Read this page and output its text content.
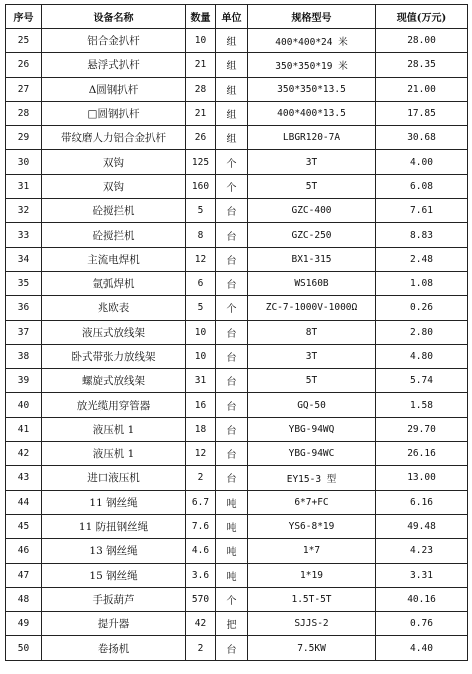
序号	设备名称	数量	单位	规格型号	现值(万元)
25	铝合金扒杆	10	组	400*400*24 米	28.00
26	悬浮式扒杆	21	组	350*350*19 米	28.35
27	Δ圆钢扒杆	28	组	350*350*13.5	21.00
28	□圆钢扒杆	21	组	400*400*13.5	17.85
29	带纹磨人力铝合金扒杆	26	组	LBGR120-7A	30.68
30	双钩	125	个	3T	4.00
31	双钩	160	个	5T	6.08
32	砼搅拦机	5	台	GZC-400	7.61
33	砼搅拦机	8	台	GZC-250	8.83
34	主流电焊机	12	台	BX1-315	2.48
35	氩弧焊机	6	台	WS160B	1.08
36	兆欧表	5	个	ZC-7-1000V-1000Ω	0.26
37	液压式放线架	10	台	8T	2.80
38	卧式带张力放线架	10	台	3T	4.80
39	螺旋式放线架	31	台	5T	5.74
40	放光缆用穿管器	16	台	GQ-50	1.58
41	液压机 1	18	台	YBG-94WQ	29.70
42	液压机 1	12	台	YBG-94WC	26.16
43	进口液压机	2	台	EY15-3 型	13.00
44	11 钢丝绳	6.7	吨	6*7+FC	6.16
45	11 防扭钢丝绳	7.6	吨	YS6-8*19	49.48
46	13 钢丝绳	4.6	吨	1*7	4.23
47	15 钢丝绳	3.6	吨	1*19	3.31
48	手扳葫芦	570	个	1.5T-5T	40.16
49	提升器	42	把	SJJS-2	0.76
50	卷扬机	2	台	7.5KW	4.40
